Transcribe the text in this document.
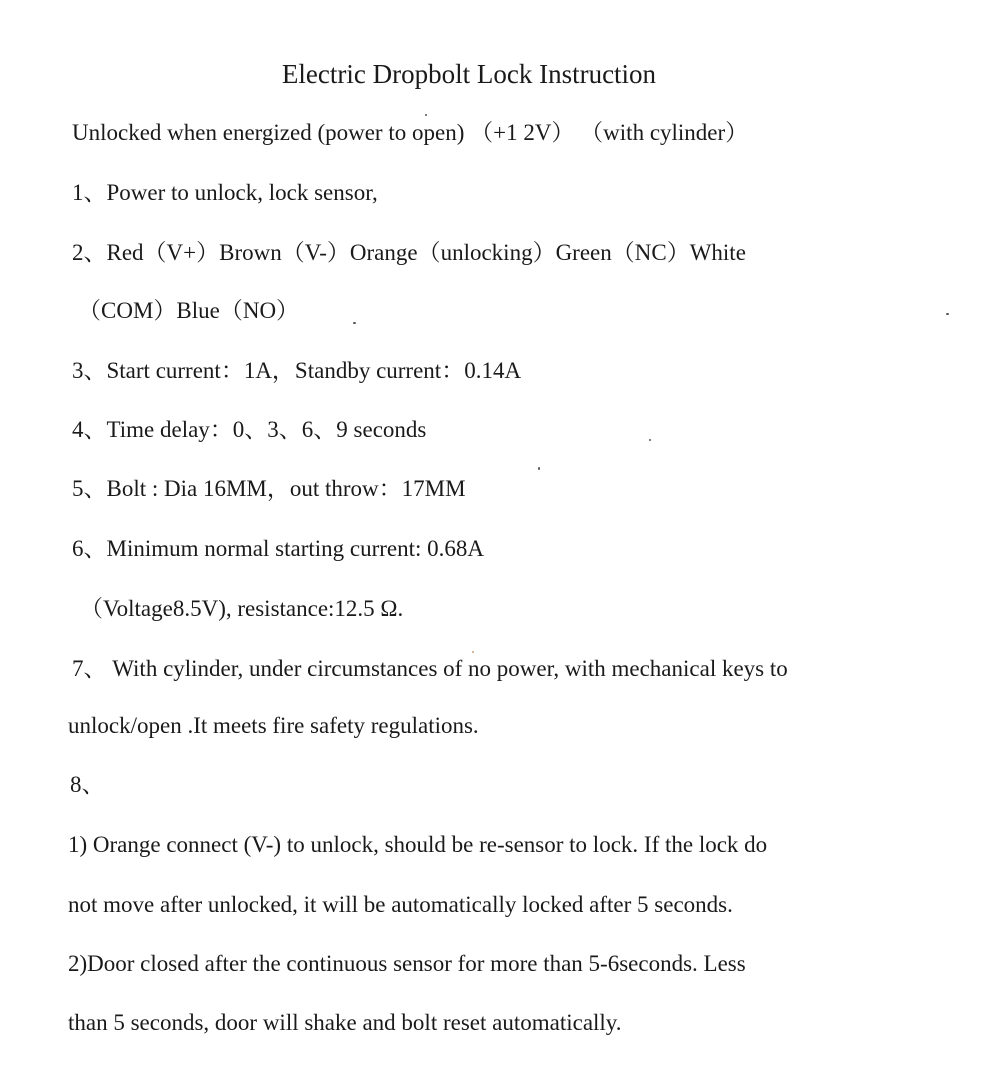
Electric Dropbolt Lock Instruction
Unlocked when energized (power to open) （+1 2V） （with cylinder）
1、Power to unlock, lock sensor,
2、Red（V+）Brown（V-）Orange（unlocking）Green（NC）White
（COM）Blue（NO）
3、Start current：1A，Standby current：0.14A
4、Time delay：0、3、6、9 seconds
5、Bolt : Dia 16MM，out throw：17MM
6、Minimum normal starting current: 0.68A
（Voltage8.5V), resistance:12.5 Ω.
7、 With cylinder, under circumstances of no power, with mechanical keys to
unlock/open .It meets fire safety regulations.
8、
1) Orange connect (V-) to unlock, should be re-sensor to lock. If the lock do
not move after unlocked, it will be automatically locked after 5 seconds.
2)Door closed after the continuous sensor for more than 5-6seconds. Less
than 5 seconds, door will shake and bolt reset automatically.
